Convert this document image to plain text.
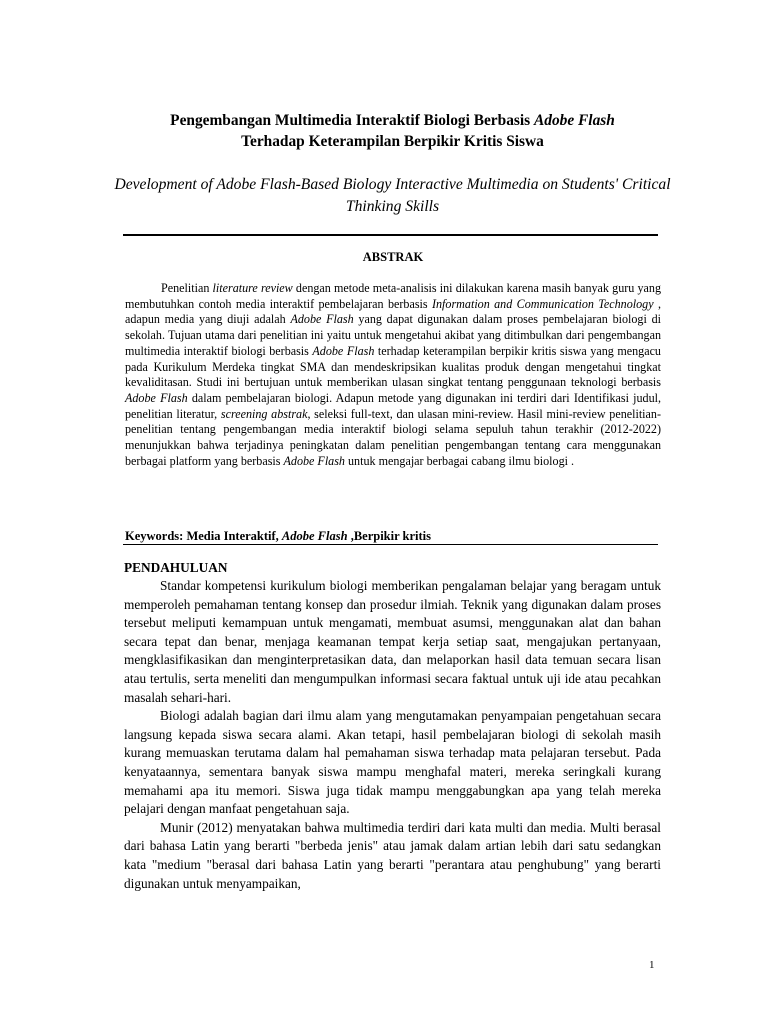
Pengembangan Multimedia Interaktif Biologi Berbasis Adobe Flash
Terhadap Keterampilan Berpikir Kritis Siswa
Development of Adobe Flash-Based Biology Interactive Multimedia on Students' Critical Thinking Skills
ABSTRAK
Penelitian literature review dengan metode meta-analisis ini dilakukan karena masih banyak guru yang membutuhkan contoh media interaktif pembelajaran berbasis Information and Communication Technology , adapun media yang diuji adalah Adobe Flash yang dapat digunakan dalam proses pembelajaran biologi di sekolah. Tujuan utama dari penelitian ini yaitu untuk mengetahui akibat yang ditimbulkan dari pengembangan multimedia interaktif biologi berbasis Adobe Flash terhadap keterampilan berpikir kritis siswa yang mengacu pada Kurikulum Merdeka tingkat SMA dan mendeskripsikan kualitas produk dengan mengetahui tingkat kevaliditasan. Studi ini bertujuan untuk memberikan ulasan singkat tentang penggunaan teknologi berbasis Adobe Flash dalam pembelajaran biologi. Adapun metode yang digunakan ini terdiri dari Identifikasi judul, penelitian literatur, screening abstrak, seleksi full-text, dan ulasan mini-review. Hasil mini-review penelitian-penelitian tentang pengembangan media interaktif biologi selama sepuluh tahun terakhir (2012-2022) menunjukkan bahwa terjadinya peningkatan dalam penelitian pengembangan tentang cara menggunakan berbagai platform yang berbasis Adobe Flash untuk mengajar berbagai cabang ilmu biologi .
Keywords: Media Interaktif, Adobe Flash ,Berpikir kritis
PENDAHULUAN

Standar kompetensi kurikulum biologi memberikan pengalaman belajar yang beragam untuk memperoleh pemahaman tentang konsep dan prosedur ilmiah. Teknik yang digunakan dalam proses tersebut meliputi kemampuan untuk mengamati, membuat asumsi, menggunakan alat dan bahan secara tepat dan benar, menjaga keamanan tempat kerja setiap saat, mengajukan pertanyaan, mengklasifikasikan dan menginterpretasikan data, dan melaporkan hasil data temuan secara lisan atau tertulis, serta meneliti dan mengumpulkan informasi secara faktual untuk uji ide atau pecahkan masalah sehari-hari.

Biologi adalah bagian dari ilmu alam yang mengutamakan penyampaian pengetahuan secara langsung kepada siswa secara alami. Akan tetapi, hasil pembelajaran biologi di sekolah masih kurang memuaskan terutama dalam hal pemahaman siswa terhadap mata pelajaran tersebut. Pada kenyataannya, sementara banyak siswa mampu menghafal materi, mereka seringkali kurang memahami apa itu memori. Siswa juga tidak mampu menggabungkan apa yang telah mereka pelajari dengan manfaat pengetahuan saja.

Munir (2012) menyatakan bahwa multimedia terdiri dari kata multi dan media. Multi berasal dari bahasa Latin yang berarti "berbeda jenis" atau jamak dalam artian lebih dari satu sedangkan kata "medium "berasal dari bahasa Latin yang berarti "perantara atau penghubung" yang berarti digunakan untuk menyampaikan,

1
